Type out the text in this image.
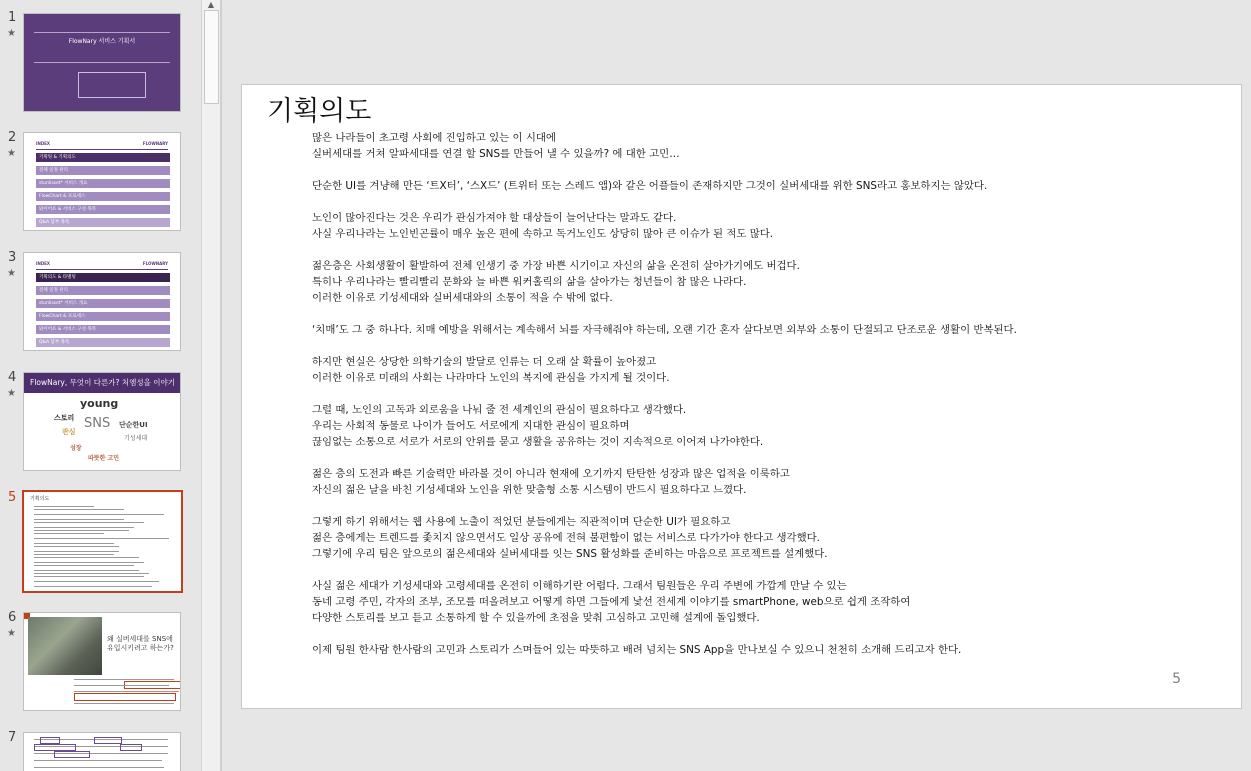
1
★
FlowNary 서비스 기획서
2
★
INDEX	FLOWNARY
기획팅 & 기획의도
전체 일정 관리
stunlisset* 서비스 개요
FlowChart & 프로세스
와이어프 & 서비스 구성 목록
Q&A 담부 목록
3
★
INDEX	FLOWNARY
기획의도 & 타멜팅
전체 일정 관리
stunlisset* 서비스 개요
FlowChart & 프로세스
와이어프 & 서비스 구성 목록
Q&A 담부 목록
4
★
FlowNary, 무엇이 다른가? 처엠성을 이야기하다.	young
SNS 단순한UI
스토리
기성세대
관심
성장
따뜻한 고민
5	기획의도
6
★	왜 실버세대를 SNS에 유입시키려고 하는가?
7
▲
기획의도
많은 나라들이 초고령 사회에 진입하고 있는 이 시대에
실버세대를 거쳐 알파세대를 연결 할 SNS를 만들어 낼 수 있을까? 에 대한 고민…
단순한 UI를 겨냥해 만든 ‘트X터’, ‘스X드’ (트위터 또는 스레드 앱)와 같은 어플들이 존재하지만 그것이 실버세대를 위한 SNS라고 홍보하지는 않았다.
노인이 많아진다는 것은 우리가 관심가져야 할 대상들이 늘어난다는 말과도 같다.
사실 우리나라는 노인빈곤률이 매우 높은 편에 속하고 독거노인도 상당히 많아 큰 이슈가 된 적도 많다.
젊은층은 사회생활이 활발하여 전체 인생기 중 가장 바쁜 시기이고 자신의 삶을 온전히 살아가기에도 버겁다.
특히나 우리나라는 빨리빨리 문화와 늘 바쁜 워커홀릭의 삶을 살아가는 청년들이 참 많은 나라다.
이러한 이유로 기성세대와 실버세대와의 소통이 적을 수 밖에 없다.
‘치매’도 그 중 하나다. 치매 예방을 위해서는 계속해서 뇌를 자극해줘야 하는데, 오랜 기간 혼자 살다보면 외부와 소통이 단절되고 단조로운 생활이 반복된다.
하지만 현실은 상당한 의학기술의 발달로 인류는 더 오래 살 확률이 높아졌고
이러한 이유로 미래의 사회는 나라마다 노인의 복지에 관심을 가지게 될 것이다.
그럴 때, 노인의 고독과 외로움을 나눠 줄 전 세계인의 관심이 필요하다고 생각했다.
우리는 사회적 동물로 나이가 들어도 서로에게 지대한 관심이 필요하며
끊임없는 소통으로 서로가 서로의 안위를 묻고 생활을 공유하는 것이 지속적으로 이어져 나가야한다.
젊은 층의 도전과 빠른 기술력만 바라볼 것이 아니라 현재에 오기까지 탄탄한 성장과 많은 업적을 이룩하고
자신의 젊은 날을 바친 기성세대와 노인을 위한 맞춤형 소통 시스템이 반드시 필요하다고 느꼈다.
그렇게 하기 위해서는 웹 사용에 노출이 적었던 분들에게는 직관적이며 단순한 UI가 필요하고
젊은 층에게는 트렌드를 좇치지 않으면서도 일상 공유에 전혀 불편함이 없는 서비스로 다가가야 한다고 생각했다.
그렇기에 우리 팀은 앞으로의 젊은세대와 실버세대를 잇는 SNS 활성화를 준비하는 마음으로 프로젝트를 설계했다.
사실 젊은 세대가 기성세대와 고령세대를 온전히 이해하기란 어렵다. 그래서 팀원들은 우리 주변에 가깝게 만날 수 있는
동네 고령 주민, 각자의 조부, 조모를 떠올려보고 어떻게 하면 그들에게 낯선 전세계 이야기를 smartPhone, web으로 쉽게 조작하여
다양한 스토리를 보고 듣고 소통하게 할 수 있을까에 초점을 맞춰 고심하고 고민해 설계에 돌입했다.
이제 팀원 한사람 한사람의 고민과 스토리가 스며들어 있는 따뜻하고 배려 넘치는 SNS App을 만나보실 수 있으니 천천히 소개해 드리고자 한다.
5
